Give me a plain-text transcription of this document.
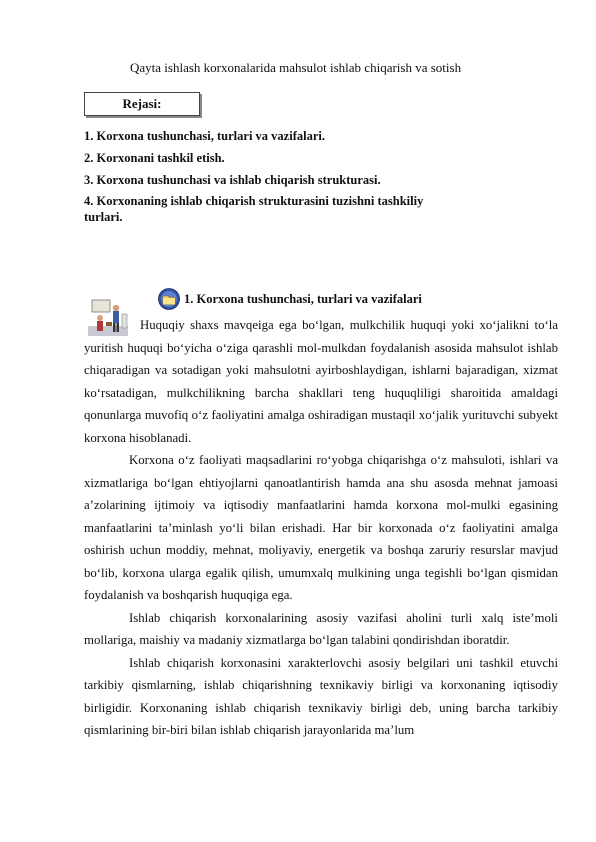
Qayta ishlash korxonalarida mahsulot ishlab chiqarish va sotish
Rejasi:

1. Korxona tushunchasi, turlari va vazifalari.

2. Korxonani tashkil etish.

3. Korxona tushunchasi va ishlab chiqarish strukturasi.

4. Korxonaning ishlab chiqarish strukturasini tuzishni tashkiliy turlari.

1. Korxona tushunchasi, turlari va vazifalari

Huquqiy shaxs mavqeiga ega bo‘lgan, mulkchilik huquqi yoki xo‘jalikni to‘la yuritish huquqi bo‘yicha o‘ziga qarashli mol-mulkdan foydalanish asosida mahsulot ishlab chiqaradigan va sotadigan yoki mahsulotni ayirboshlaydigan, ishlarni bajaradigan, xizmat ko‘rsatadigan, mulkchilikning barcha shakllari teng huquqliligi sharoitida amaldagi qonunlarga muvofiq o‘z faoliyatini amalga oshiradigan mustaqil xo‘jalik yurituvchi subyekt korxona hisoblanadi.

Korxona o‘z faoliyati maqsadlarini ro‘yobga chiqarishga o‘z mahsuloti, ishlari va xizmatlariga bo‘lgan ehtiyojlarni qanoatlantirish hamda ana shu asosda mehnat jamoasi a’zolarining ijtimoiy va iqtisodiy manfaatlarini hamda korxona mol-mulki egasining manfaatlarini ta’minlash yo‘li bilan erishadi. Har bir korxonada o‘z faoliyatini amalga oshirish uchun moddiy, mehnat, moliyaviy, energetik va boshqa zaruriy resurslar mavjud bo‘lib, korxona ularga egalik qilish, umumxalq mulkining unga tegishli bo‘lgan qismidan foydalanish va boshqarish huquqiga ega.

Ishlab chiqarish korxonalarining asosiy vazifasi aholini turli xalq iste’moli mollariga, maishiy va madaniy xizmatlarga bo‘lgan talabini qondirishdan iboratdir.

Ishlab chiqarish korxonasini xarakterlovchi asosiy belgilari uni tashkil etuvchi tarkibiy qismlarning, ishlab chiqarishning texnikaviy birligi va korxonaning iqtisodiy birligidir. Korxonaning ishlab chiqarish texnikaviy birligi deb, uning barcha tarkibiy qismlarining bir-biri bilan ishlab chiqarish jarayonlarida ma’lum
